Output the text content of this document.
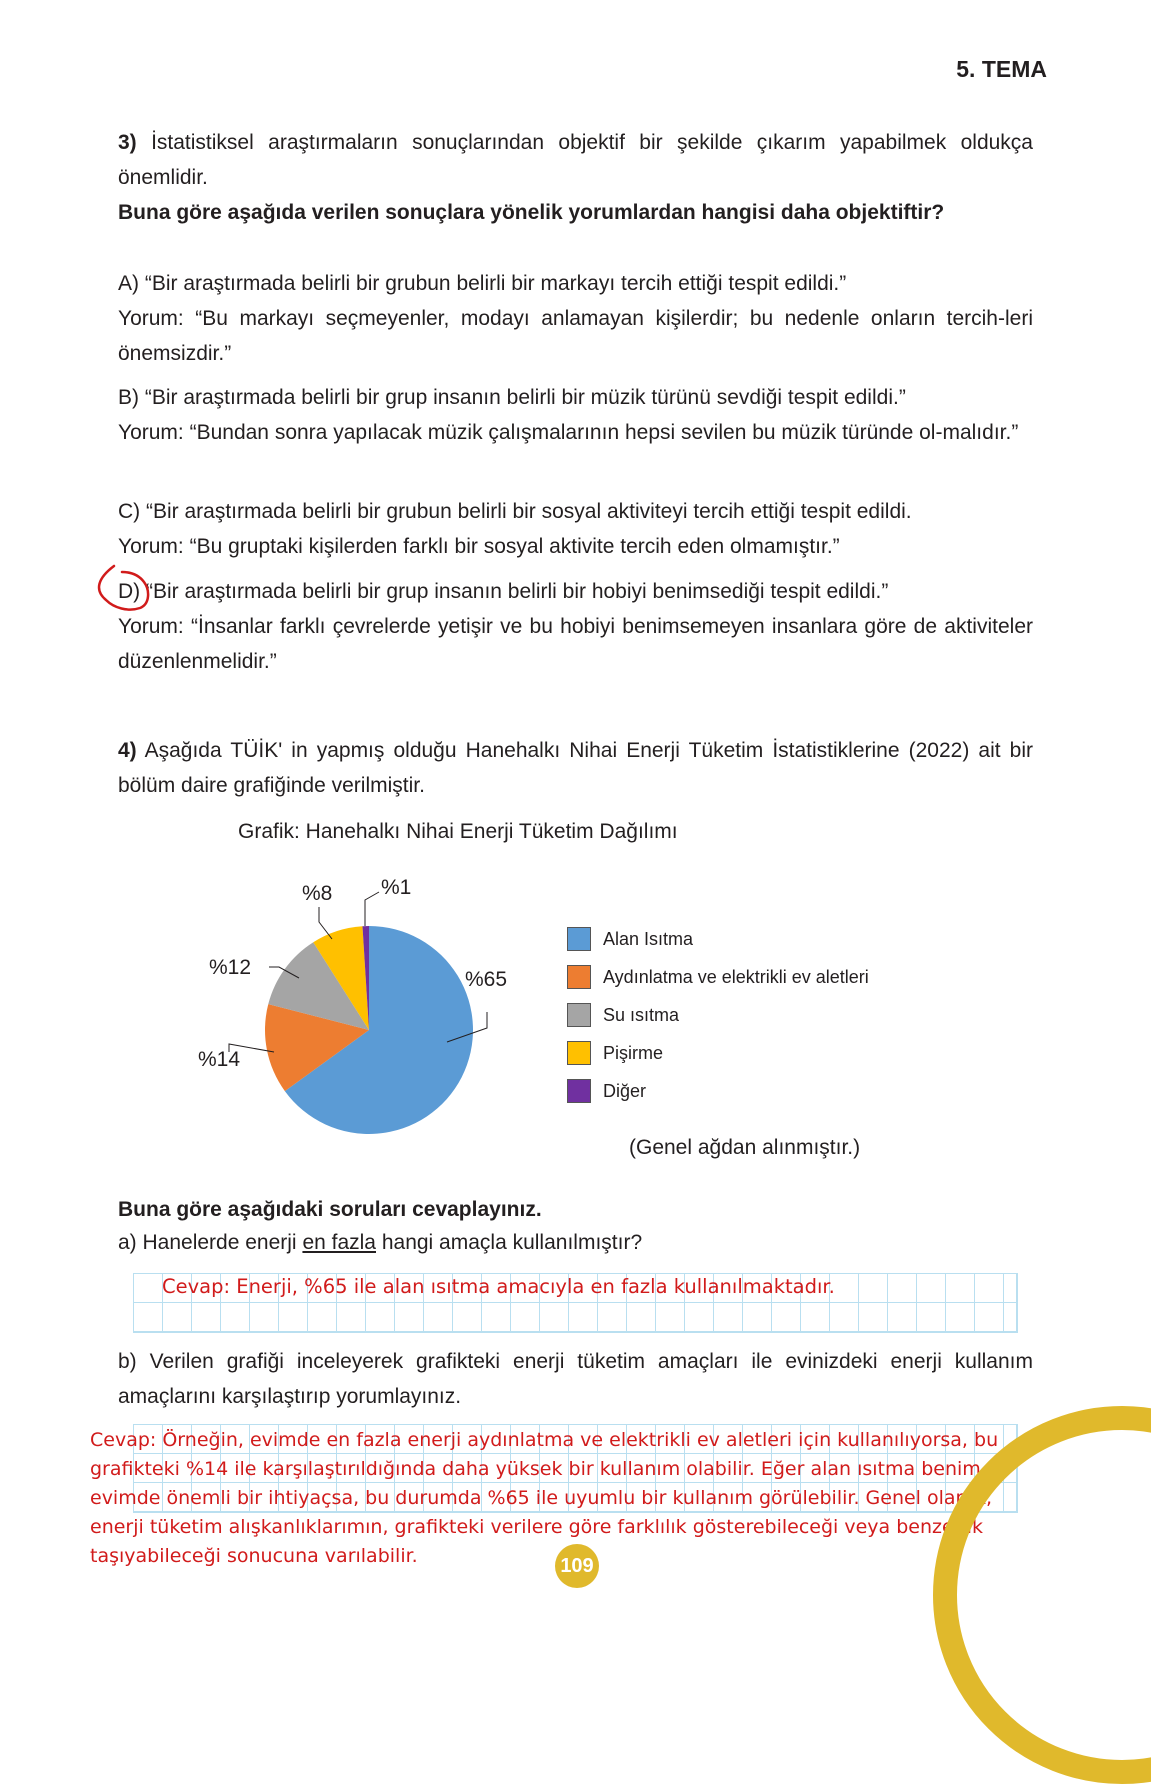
5. TEMA
3) İstatistiksel araştırmaların sonuçlarından objektif bir şekilde çıkarım yapabilmek oldukça önemlidir.
Buna göre aşağıda verilen sonuçlara yönelik yorumlardan hangisi daha objektiftir?
A) “Bir araştırmada belirli bir grubun belirli bir markayı tercih ettiği tespit edildi.”
Yorum: “Bu markayı seçmeyenler, modayı anlamayan kişilerdir; bu nedenle onların tercih-leri önemsizdir.”
B) “Bir araştırmada belirli bir grup insanın belirli bir müzik türünü sevdiği tespit edildi.”
Yorum: “Bundan sonra yapılacak müzik çalışmalarının hepsi sevilen bu müzik türünde ol-malıdır.”
C) “Bir araştırmada belirli bir grubun belirli bir sosyal aktiviteyi tercih ettiği tespit edildi.
Yorum: “Bu gruptaki kişilerden farklı bir sosyal aktivite tercih eden olmamıştır.”
D) “Bir araştırmada belirli bir grup insanın belirli bir hobiyi benimsediği tespit edildi.”
Yorum: “İnsanlar farklı çevrelerde yetişir ve bu hobiyi benimsemeyen insanlara göre de aktiviteler düzenlenmelidir.”
4) Aşağıda TÜİK' in yapmış olduğu Hanehalkı Nihai Enerji Tüketim İstatistiklerine (2022) ait bir bölüm daire grafiğinde verilmiştir.
Grafik: Hanehalkı Nihai Enerji Tüketim Dağılımı
%65
%14
%12
%8 %1
Alan Isıtma
Aydınlatma ve elektrikli ev aletleri
Su ısıtma
Pişirme
Diğer
(Genel ağdan alınmıştır.)
Buna göre aşağıdaki soruları cevaplayınız.
a) Hanelerde enerji en fazla hangi amaçla kullanılmıştır?
Cevap: Enerji, %65 ile alan ısıtma amacıyla en fazla kullanılmaktadır.
b) Verilen grafiği inceleyerek grafikteki enerji tüketim amaçları ile evinizdeki enerji kullanım amaçlarını karşılaştırıp yorumlayınız.
Cevap: Örneğin, evimde en fazla enerji aydınlatma ve elektrikli ev aletleri için kullanılıyorsa, bu
grafikteki %14 ile karşılaştırıldığında daha yüksek bir kullanım olabilir. Eğer alan ısıtma benim
evimde önemli bir ihtiyaçsa, bu durumda %65 ile uyumlu bir kullanım görülebilir. Genel olarak,
enerji tüketim alışkanlıklarımın, grafikteki verilere göre farklılık gösterebileceği veya benzerlik
taşıyabileceği sonucuna varılabilir.	109
